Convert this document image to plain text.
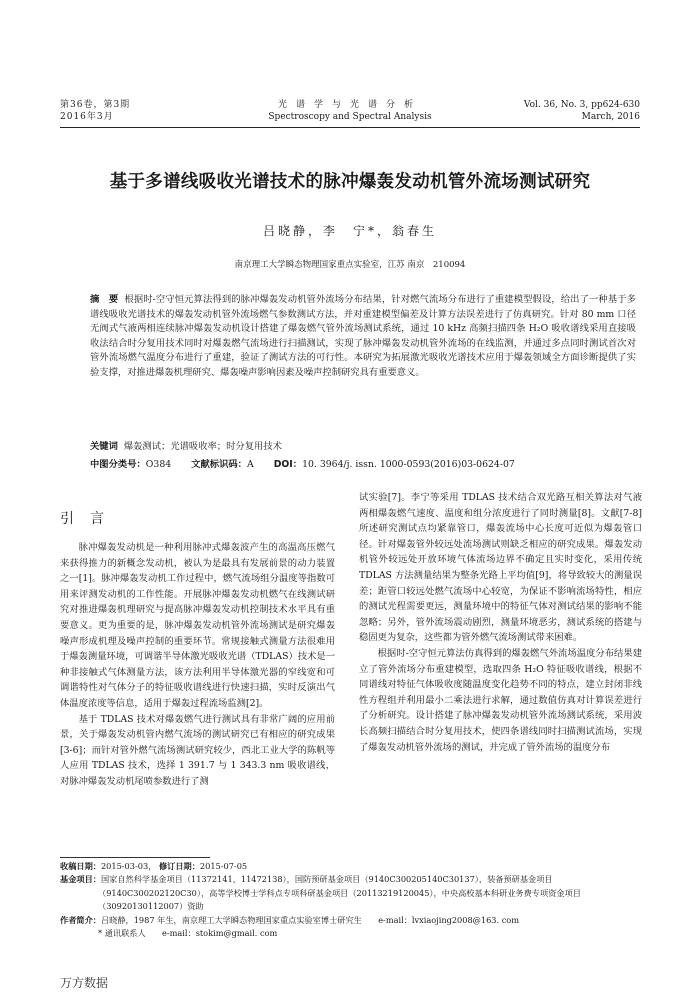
第36卷，第3期
2016年3月
光谱学与光谱分析
Spectroscopy and Spectral Analysis
Vol. 36, No. 3, pp624-630
March, 2016
基于多谱线吸收光谱技术的脉冲爆轰发动机管外流场测试研究
吕晓静，李　宁*，翁春生
南京理工大学瞬态物理国家重点实验室，江苏 南京　210094
摘　要 根据时-空守恒元算法得到的脉冲爆轰发动机管外流场分布结果，针对燃气流场分布进行了重建模型假设，给出了一种基于多谱线吸收光谱技术的爆轰发动机管外流场燃气参数测试方法，并对重建模型偏差及计算方法误差进行了仿真研究。针对 80 mm 口径无阀式气液两相连续脉冲爆轰发动机设计搭建了爆轰燃气管外流场测试系统，通过 10 kHz 高频扫描四条 H₂O 吸收谱线采用直接吸收法结合时分复用技术同时对爆轰燃气流场进行扫描测试，实现了脉冲爆轰发动机管外流场的在线监测，并通过多点同时测试首次对管外流场燃气温度分布进行了重建，验证了测试方法的可行性。本研究为拓展激光吸收光谱技术应用于爆轰领域全方面诊断提供了实验支撑，对推进爆轰机理研究、爆轰噪声影响因素及噪声控制研究具有重要意义。
关键词 爆轰测试；光谱吸收率；时分复用技术
中图分类号：O384 文献标识码：A DOI：10. 3964/j. issn. 1000-0593(2016)03-0624-07
引言

脉冲爆轰发动机是一种利用脉冲式爆轰波产生的高温高压燃气来获得推力的新概念发动机，被认为是最具有发展前景的动力装置之一[1]。脉冲爆轰发动机工作过程中，燃气流场组分温度等指数可用来评测发动机的工作性能。开展脉冲爆轰发动机燃气在线测试研究对推进爆轰机理研究与提高脉冲爆轰发动机控制技术水平具有重要意义。更为重要的是，脉冲爆轰发动机管外流场测试是研究爆轰噪声形成机理及噪声控制的重要环节。常规接触式测量方法很难用于爆轰测量环境，可调谐半导体激光吸收光谱（TDLAS）技术是一种非接触式气体测量方法，该方法利用半导体激光器的窄线宽和可调谐特性对气体分子的特征吸收谱线进行快速扫描，实时反演出气体温度浓度等信息，适用于爆轰过程流场监测[2]。

基于 TDLAS 技术对爆轰燃气进行测试具有非常广阔的应用前景，关于爆轰发动机管内燃气流场的测试研究已有相应的研究成果[3-6]；而针对管外燃气流场测试研究较少，西北工业大学的陈帆等人应用 TDLAS 技术，选择 1 391.7 与 1 343.3 nm 吸收谱线，对脉冲爆轰发动机尾喷参数进行了测

试实验[7]。李宁等采用 TDLAS 技术结合双光路互相关算法对气液两相爆轰燃气速度、温度和组分浓度进行了同时测量[8]。文献[7-8]所述研究测试点均紧靠管口，爆轰流场中心长度可近似为爆轰管口径。针对爆轰管外较远处流场测试则缺乏相应的研究成果。爆轰发动机管外较远处开放环境气体流场边界不确定且实时变化，采用传统 TDLAS 方法测量结果为整条光路上平均值[9]，将导致较大的测量误差；距管口较远处燃气流场中心较宽，为保证不影响流场特性，相应的测试光程需要更远，测量环境中的特征气体对测试结果的影响不能忽略；另外，管外流场震动剧烈，测量环境恶劣，测试系统的搭建与稳固更为复杂，这些都为管外燃气流场测试带来困难。

根据时-空守恒元算法仿真得到的爆轰燃气外流场温度分布结果建立了管外流场分布重建模型，选取四条 H₂O 特征吸收谱线，根据不同谱线对特征气体吸收度随温度变化趋势不同的特点，建立封闭非线性方程组并利用最小二乘法进行求解，通过数值仿真对计算误差进行了分析研究。设计搭建了脉冲爆轰发动机管外流场测试系统，采用波长高频扫描结合时分复用技术，使四条谱线同时扫描测试流场，实现了爆轰发动机管外流场的测试，并完成了管外流场的温度分布

收稿日期：2015-03-03， 修订日期：2015-07-05
基金项目：国家自然科学基金项目（11372141，11472138），国防预研基金项目（9140C300205140C30137），装备预研基金项目
（9140C300202120C30），高等学校博士学科点专项科研基金项目（20113219120045），中央高校基本科研业务费专项资金项目
（30920130112007）资助
作者简介：吕晓静，1987 年生，南京理工大学瞬态物理国家重点实验室博士研究生　　e-mail：lvxiaojing2008@163. com
* 通讯联系人　　e-mail：stokim@gmail. com
万方数据
